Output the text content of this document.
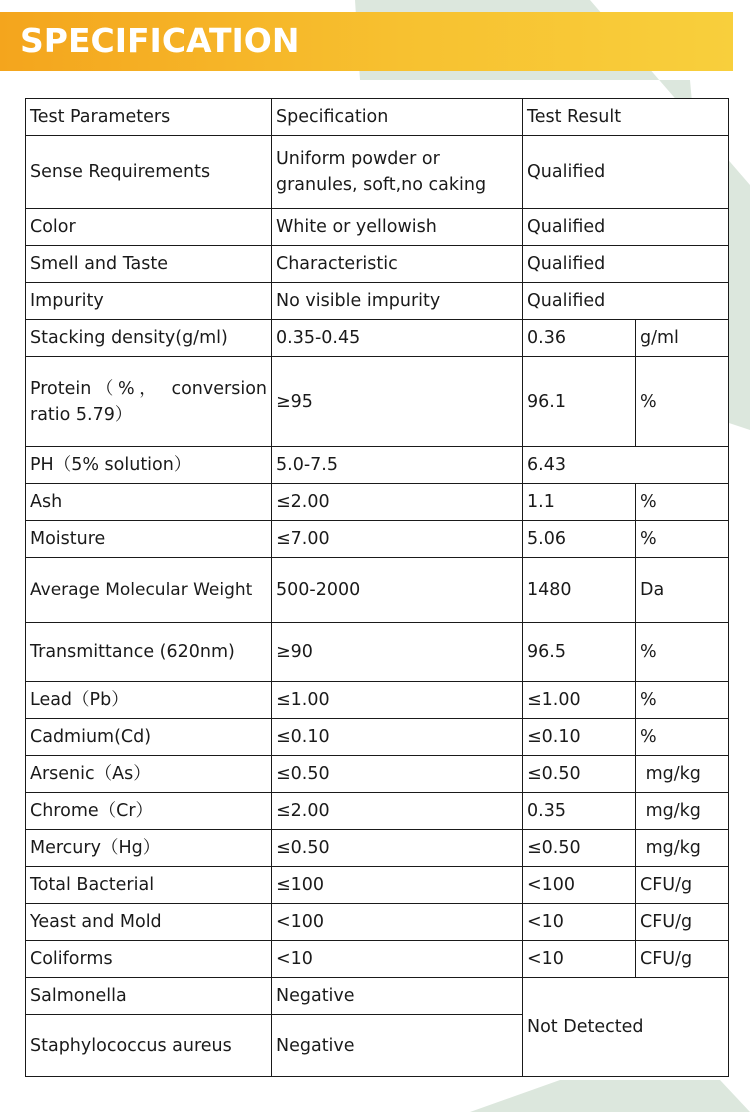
SPECIFICATION
Test Parameters	Specification	Test Result	
Sense Requirements	Uniform powder or granules, soft,no caking	Qualified	
Color	White or yellowish	Qualified	
Smell and Taste	Characteristic	Qualified	
Impurity	No visible impurity	Qualified	
Stacking density(g/ml)	0.35-0.45	0.36	g/ml
Protein（%， conversion ratio 5.79）	≥95	96.1	%
PH（5% solution）	5.0-7.5	6.43	
Ash	≤2.00	1.1	%
Moisture	≤7.00	5.06	%
Average Molecular Weight	500-2000	1480	Da
Transmittance (620nm)	≥90	96.5	%
Lead（Pb）	≤1.00	≤1.00	%
Cadmium(Cd)	≤0.10	≤0.10	%
Arsenic（As）	≤0.50	≤0.50	mg/kg
Chrome（Cr）	≤2.00	0.35	mg/kg
Mercury（Hg）	≤0.50	≤0.50	mg/kg
Total Bacterial	≤100	<100	CFU/g
Yeast and Mold	<100	<10	CFU/g
Coliforms	<10	<10	CFU/g
Salmonella	Negative	Not Detected	
Staphylococcus aureus	Negative		
